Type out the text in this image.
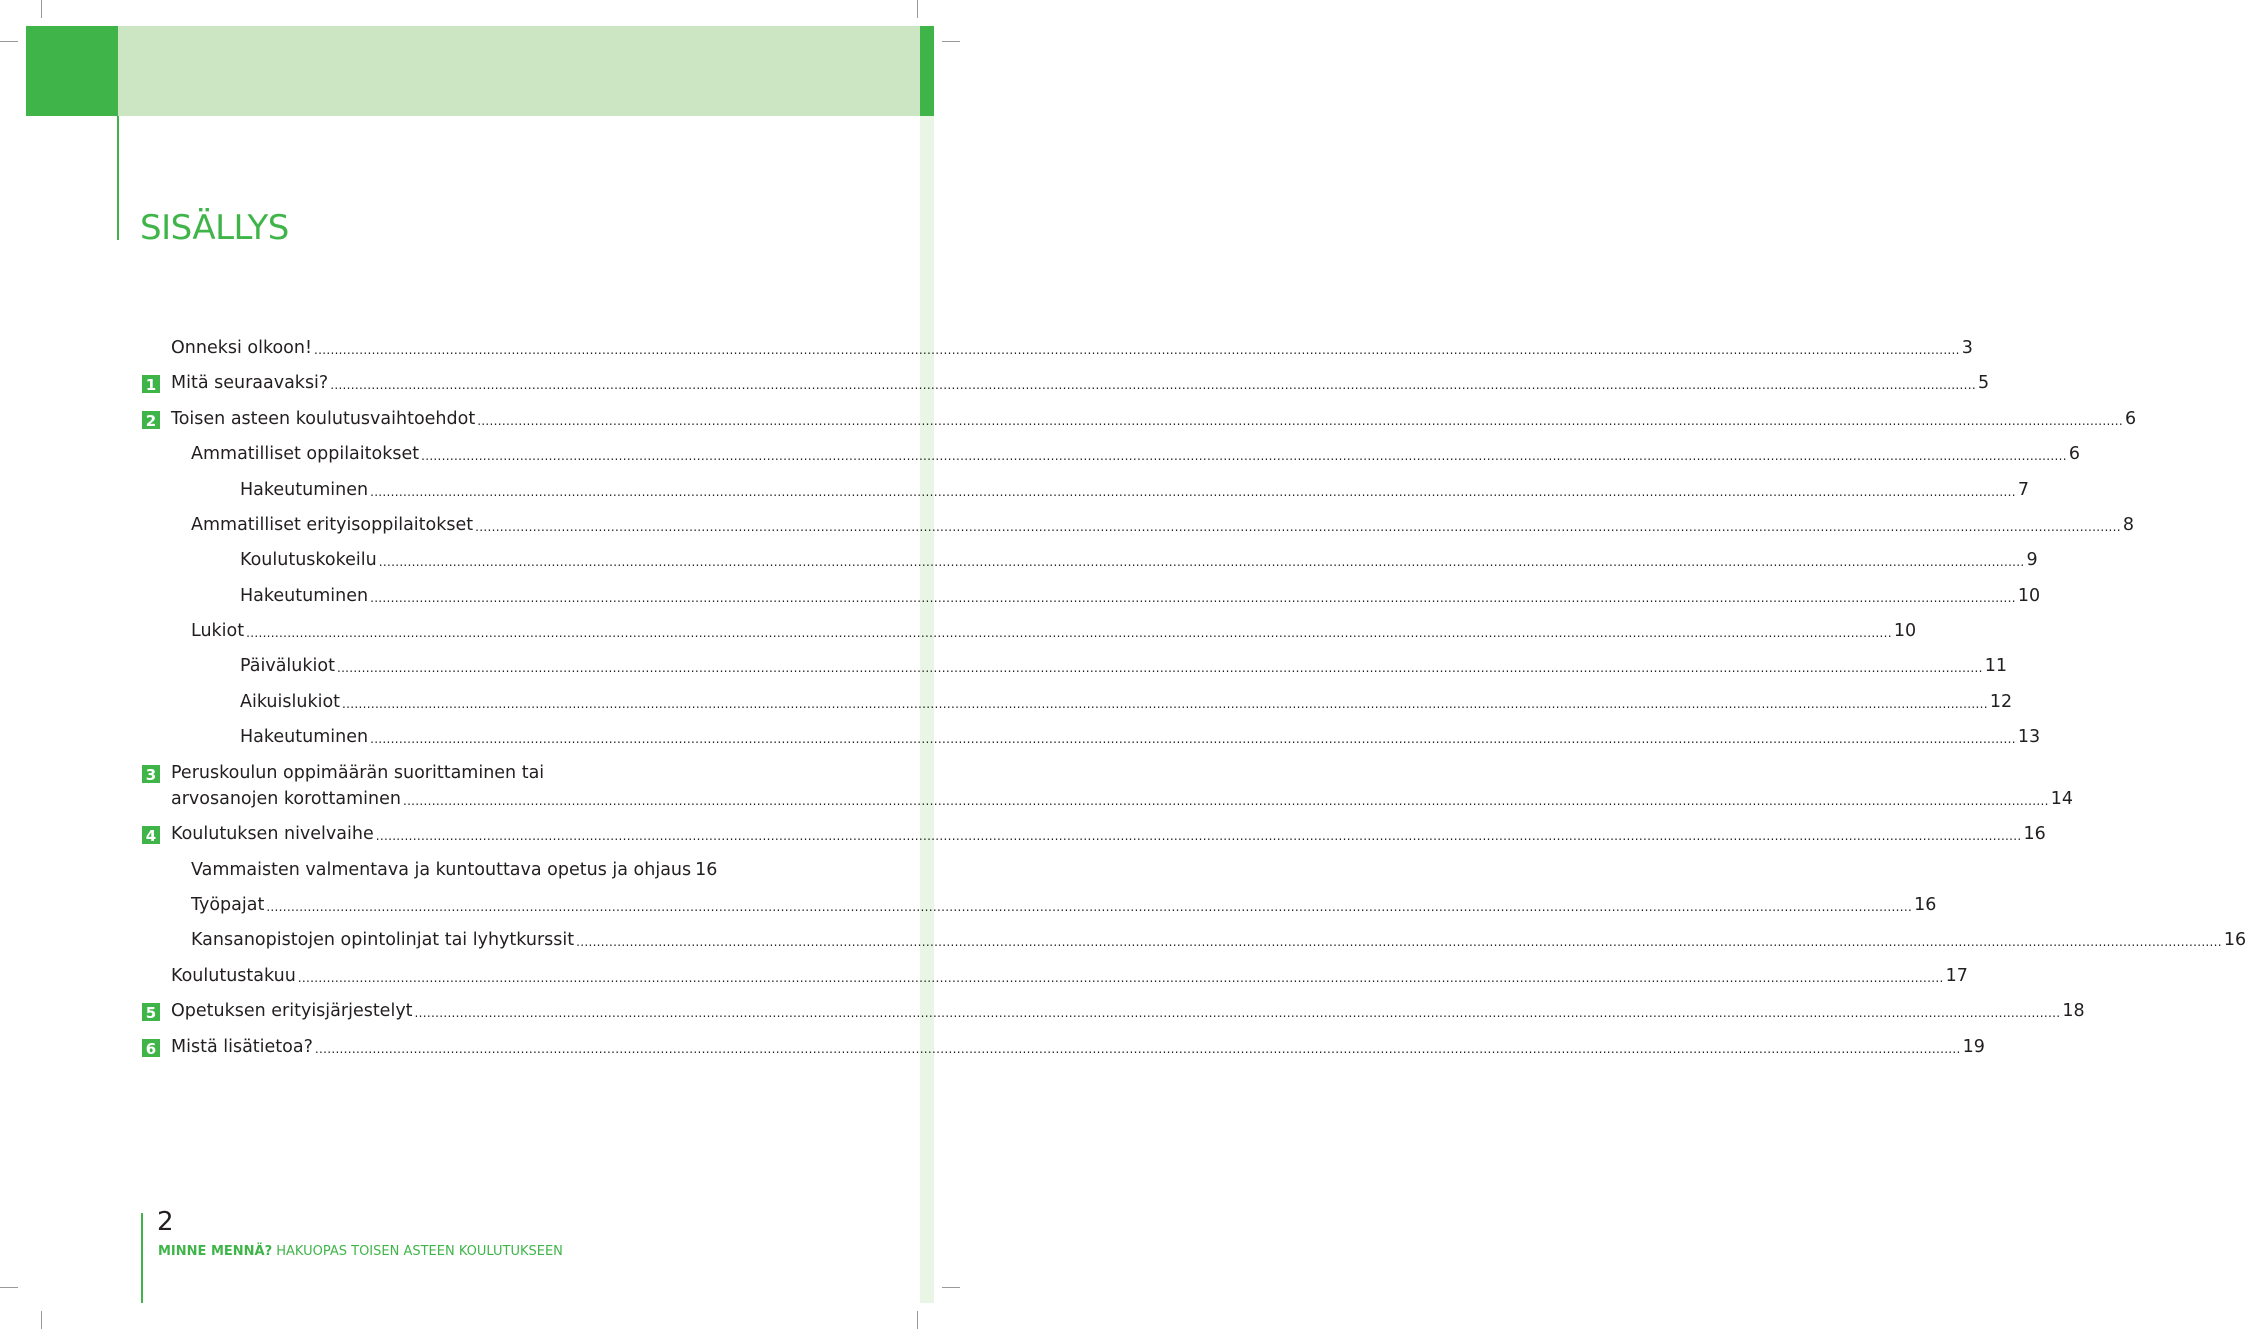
SISÄLLYS
Onneksi olkoon! ................................................................................................................................................................................................................................................................................................................................................................................................................ 3
1 Mitä seuraavaksi? ................................................................................................................................................................................................................................................................................................................................................................................................................ 5
2 Toisen asteen koulutusvaihtoehdot ................................................................................................................................................................................................................................................................................................................................................................................................................ 6
Ammatilliset oppilaitokset ................................................................................................................................................................................................................................................................................................................................................................................................................ 6
Hakeutuminen ................................................................................................................................................................................................................................................................................................................................................................................................................ 7
Ammatilliset erityisoppilaitokset ................................................................................................................................................................................................................................................................................................................................................................................................................ 8
Koulutuskokeilu ................................................................................................................................................................................................................................................................................................................................................................................................................ 9
Hakeutuminen ................................................................................................................................................................................................................................................................................................................................................................................................................ 10
Lukiot ................................................................................................................................................................................................................................................................................................................................................................................................................ 10
Päivälukiot ................................................................................................................................................................................................................................................................................................................................................................................................................ 11
Aikuislukiot ................................................................................................................................................................................................................................................................................................................................................................................................................ 12
Hakeutuminen ................................................................................................................................................................................................................................................................................................................................................................................................................ 13
3 Peruskoulun oppimäärän suorittaminen tai
arvosanojen korottaminen ................................................................................................................................................................................................................................................................................................................................................................................................................ 14
4 Koulutuksen nivelvaihe ................................................................................................................................................................................................................................................................................................................................................................................................................ 16
Vammaisten valmentava ja kuntouttava opetus ja ohjaus 16
Työpajat ................................................................................................................................................................................................................................................................................................................................................................................................................ 16
Kansanopistojen opintolinjat tai lyhytkurssit ................................................................................................................................................................................................................................................................................................................................................................................................................ 16
Koulutustakuu ................................................................................................................................................................................................................................................................................................................................................................................................................ 17
5 Opetuksen erityisjärjestelyt ................................................................................................................................................................................................................................................................................................................................................................................................................ 18
6 Mistä lisätietoa? ................................................................................................................................................................................................................................................................................................................................................................................................................ 19
2
MINNE MENNÄ? HAKUOPAS TOISEN ASTEEN KOULUTUKSEEN
